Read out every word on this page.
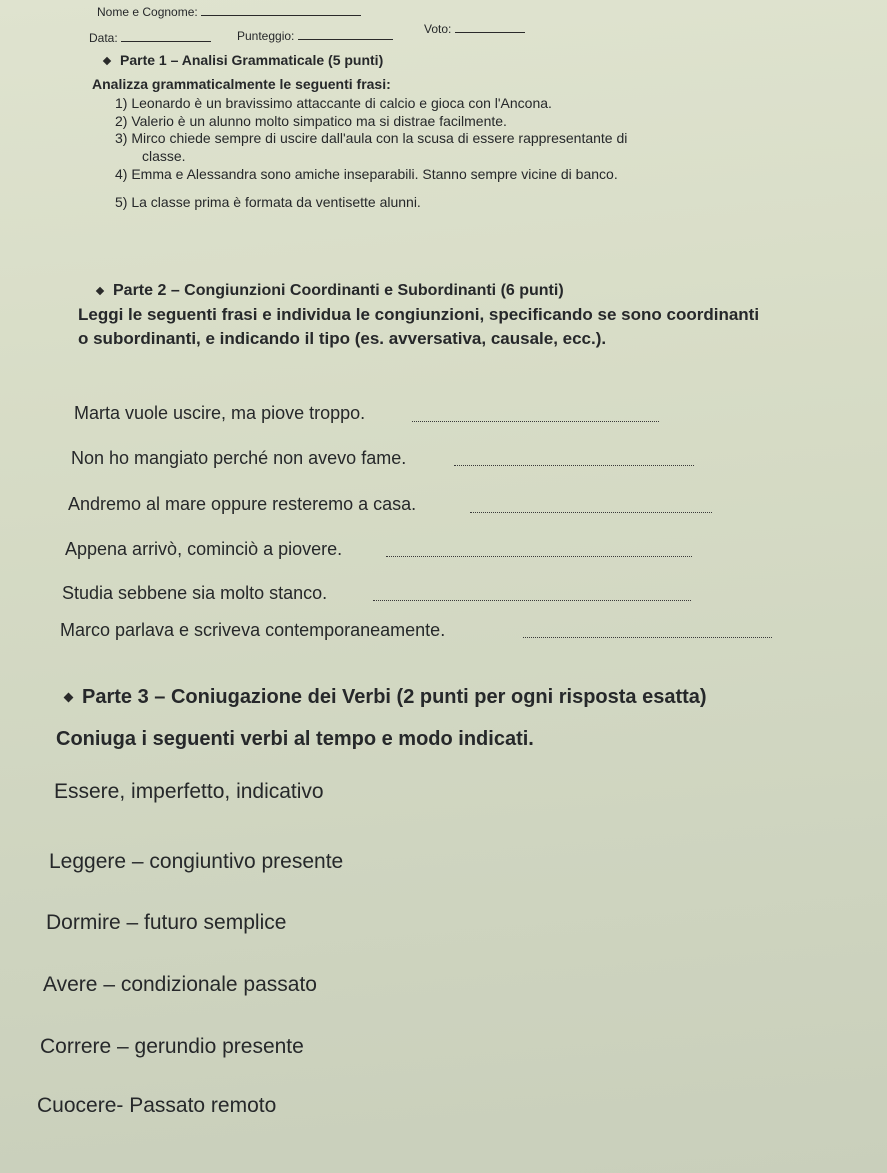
Nome e Cognome:
Data:	Punteggio:	Voto:
Parte 1 – Analisi Grammaticale (5 punti)
Analizza grammaticalmente le seguenti frasi:
1) Leonardo è un bravissimo attaccante di calcio e gioca con l'Ancona.
2) Valerio è un alunno molto simpatico ma si distrae facilmente.
3) Mirco chiede sempre di uscire dall'aula con la scusa di essere rappresentante di
classe.
4) Emma e Alessandra sono amiche inseparabili. Stanno sempre vicine di banco.
5) La classe prima è formata da ventisette alunni.
Parte 2 – Congiunzioni Coordinanti e Subordinanti (6 punti)
Leggi le seguenti frasi e individua le congiunzioni, specificando se sono coordinanti
o subordinanti, e indicando il tipo (es. avversativa, causale, ecc.).
Marta vuole uscire, ma piove troppo.
Non ho mangiato perché non avevo fame.
Andremo al mare oppure resteremo a casa.
Appena arrivò, cominciò a piovere.
Studia sebbene sia molto stanco.
Marco parlava e scriveva contemporaneamente.
Parte 3 – Coniugazione dei Verbi (2 punti per ogni risposta esatta)
Coniuga i seguenti verbi al tempo e modo indicati.
Essere, imperfetto, indicativo
Leggere – congiuntivo presente
Dormire – futuro semplice
Avere – condizionale passato
Correre – gerundio presente
Cuocere- Passato remoto
